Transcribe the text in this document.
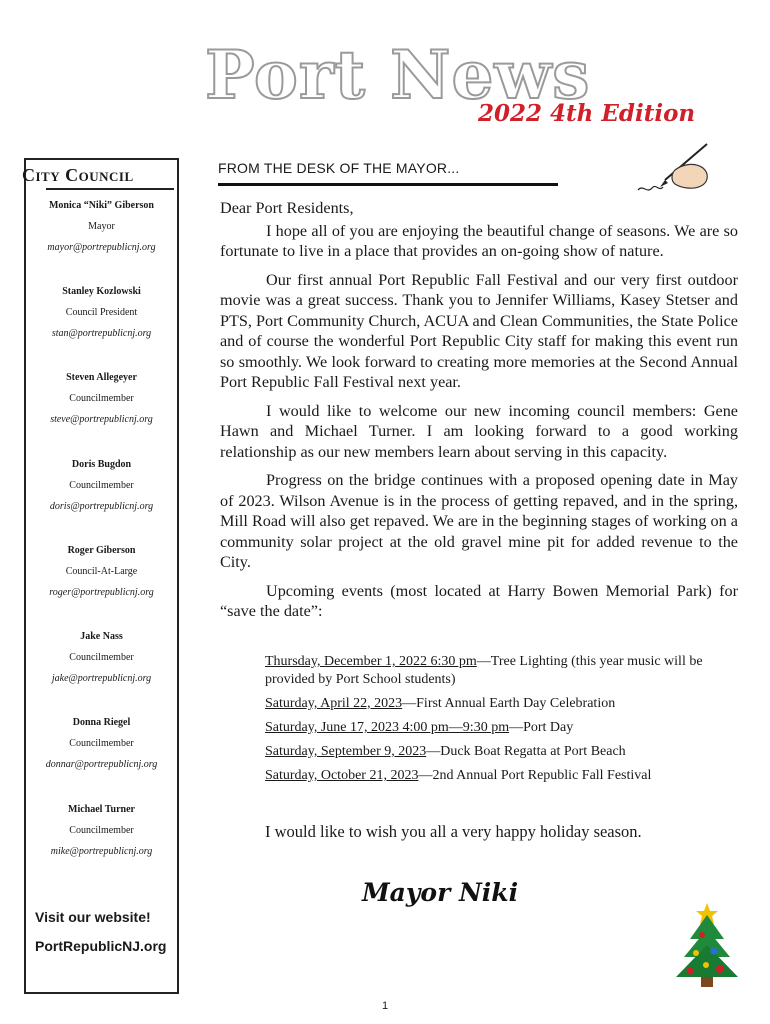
Port News
2022 4th Edition
City Council
Monica “Niki” Giberson
Mayor
mayor@portrepublicnj.org
Stanley Kozlowski
Council President
stan@portrepublicnj.org
Steven Allegeyer
Councilmember
steve@portrepublicnj.org
Doris Bugdon
Councilmember
doris@portrepublicnj.org
Roger Giberson
Council-At-Large
roger@portrepublicnj.org
Jake Nass
Councilmember
jake@portrepublicnj.org
Donna Riegel
Councilmember
donnar@portrepublicnj.org
Michael Turner
Councilmember
mike@portrepublicnj.org
Visit our website!
PortRepublicNJ.org
FROM THE DESK OF THE MAYOR...

Dear Port Residents,

I hope all of you are enjoying the beautiful change of seasons. We are so fortunate to live in a place that provides an on-going show of nature.

Our first annual Port Republic Fall Festival and our very first outdoor movie was a great success. Thank you to Jennifer Williams, Kasey Stetser and PTS, Port Community Church, ACUA and Clean Communities, the State Police and of course the wonderful Port Republic City staff for making this event run so smoothly. We look forward to creating more memories at the Second Annual Port Republic Fall Festival next year.

I would like to welcome our new incoming council members: Gene Hawn and Michael Turner. I am looking forward to a good working relationship as our new members learn about serving in this capacity.

Progress on the bridge continues with a proposed opening date in May of 2023. Wilson Avenue is in the process of getting repaved, and in the spring, Mill Road will also get repaved. We are in the beginning stages of working on a community solar project at the old gravel mine pit for added revenue to the City.

Upcoming events (most located at Harry Bowen Memorial Park) for “save the date”:

Thursday, December 1, 2022 6:30 pm—Tree Lighting (this year music will be provided by Port School students)
Saturday, April 22, 2023—First Annual Earth Day Celebration
Saturday, June 17, 2023 4:00 pm—9:30 pm—Port Day
Saturday, September 9, 2023—Duck Boat Regatta at Port Beach
Saturday, October 21, 2023—2nd Annual Port Republic Fall Festival
I would like to wish you all a very happy holiday season.
Mayor Niki
1
